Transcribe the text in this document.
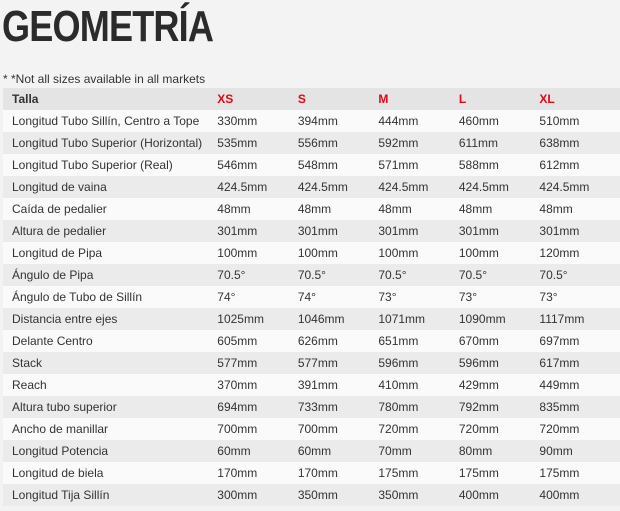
GEOMETRÍA
* *Not all sizes available in all markets
Talla	XS	S	M	L	XL
Longitud Tubo Sillín, Centro a Tope	330mm	394mm	444mm	460mm	510mm
Longitud Tubo Superior (Horizontal)	535mm	556mm	592mm	611mm	638mm
Longitud Tubo Superior (Real)	546mm	548mm	571mm	588mm	612mm
Longitud de vaina	424.5mm	424.5mm	424.5mm	424.5mm	424.5mm
Caída de pedalier	48mm	48mm	48mm	48mm	48mm
Altura de pedalier	301mm	301mm	301mm	301mm	301mm
Longitud de Pipa	100mm	100mm	100mm	100mm	120mm
Ángulo de Pipa	70.5°	70.5°	70.5°	70.5°	70.5°
Ángulo de Tubo de Sillín	74°	74°	73°	73°	73°
Distancia entre ejes	1025mm	1046mm	1071mm	1090mm	1117mm
Delante Centro	605mm	626mm	651mm	670mm	697mm
Stack	577mm	577mm	596mm	596mm	617mm
Reach	370mm	391mm	410mm	429mm	449mm
Altura tubo superior	694mm	733mm	780mm	792mm	835mm
Ancho de manillar	700mm	700mm	720mm	720mm	720mm
Longitud Potencia	60mm	60mm	70mm	80mm	90mm
Longitud de biela	170mm	170mm	175mm	175mm	175mm
Longitud Tija Sillín	300mm	350mm	350mm	400mm	400mm
